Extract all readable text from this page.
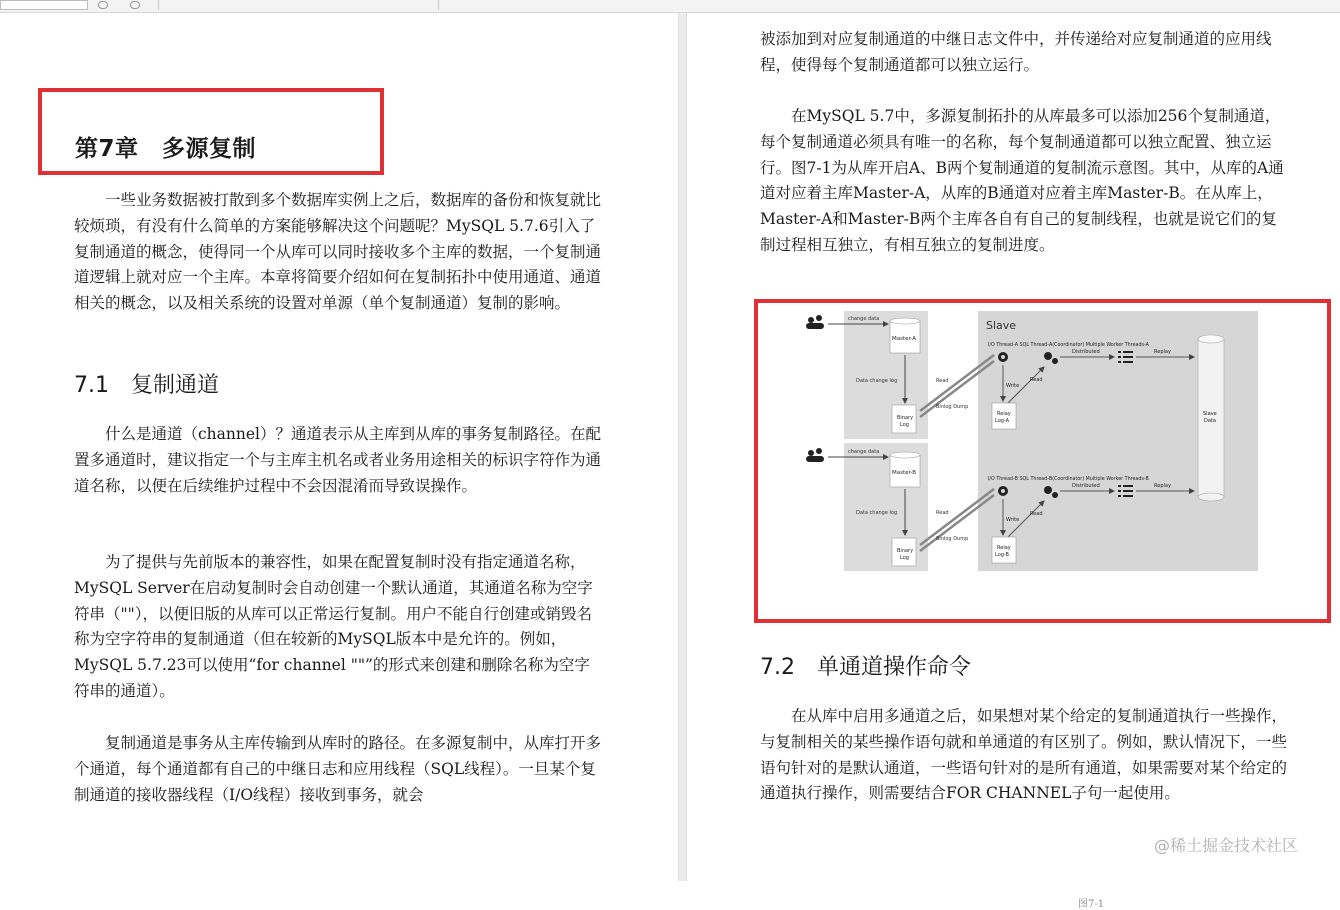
第7章　多源复制

一些业务数据被打散到多个数据库实例上之后，数据库的备份和恢复就比较烦琐，有没有什么简单的方案能够解决这个问题呢？MySQL 5.7.6引入了复制通道的概念，使得同一个从库可以同时接收多个主库的数据，一个复制通道逻辑上就对应一个主库。本章将简要介绍如何在复制拓扑中使用通道、通道相关的概念，以及相关系统的设置对单源（单个复制通道）复制的影响。

7.1　复制通道

什么是通道（channel）？通道表示从主库到从库的事务复制路径。在配置多通道时，建议指定一个与主库主机名或者业务用途相关的标识字符作为通道名称，以便在后续维护过程中不会因混淆而导致误操作。

为了提供与先前版本的兼容性，如果在配置复制时没有指定通道名称，MySQL Server在启动复制时会自动创建一个默认通道，其通道名称为空字符串（""），以便旧版的从库可以正常运行复制。用户不能自行创建或销毁名称为空字符串的复制通道（但在较新的MySQL版本中是允许的。例如，MySQL 5.7.23可以使用“for channel ""”的形式来创建和删除名称为空字符串的通道）。

复制通道是事务从主库传输到从库时的路径。在多源复制中，从库打开多个通道，每个通道都有自己的中继日志和应用线程（SQL线程）。一旦某个复制通道的接收器线程（I/O线程）接收到事务，就会

被添加到对应复制通道的中继日志文件中，并传递给对应复制通道的应用线程，使得每个复制通道都可以独立运行。

在MySQL 5.7中，多源复制拓扑的从库最多可以添加256个复制通道，每个复制通道必须具有唯一的名称，每个复制通道都可以独立配置、独立运行。图7-1为从库开启A、B两个复制通道的复制流示意图。其中，从库的A通道对应着主库Master-A，从库的B通道对应着主库Master-B。在从库上，Master-A和Master-B两个主库各自有自己的复制线程，也就是说它们的复制过程相互独立，有相互独立的复制进度。

Slave
change data
change data
Master-A
Data change log
Binary
Log
Master-B
Data change log
Binary
Log
Read
Binlog Dump
Read
Binlog Dump
I/O Thread-A SQL Thread-A(Coordinator) Multiple Worker Threads-A
Distributed	Replay
Write
Read
Relay
Log-A
I/O Thread-B SQL Thread-B(Coordinator) Multiple Worker Threads-B
Distributed	Replay
Write
Read
Relay
Log-B
Slave
Data
图7-1
7.2　单通道操作命令

在从库中启用多通道之后，如果想对某个给定的复制通道执行一些操作，与复制相关的某些操作语句就和单通道的有区别了。例如，默认情况下，一些语句针对的是默认通道，一些语句针对的是所有通道，如果需要对某个给定的通道执行操作，则需要结合FOR CHANNEL子句一起使用。

@稀土掘金技术社区
